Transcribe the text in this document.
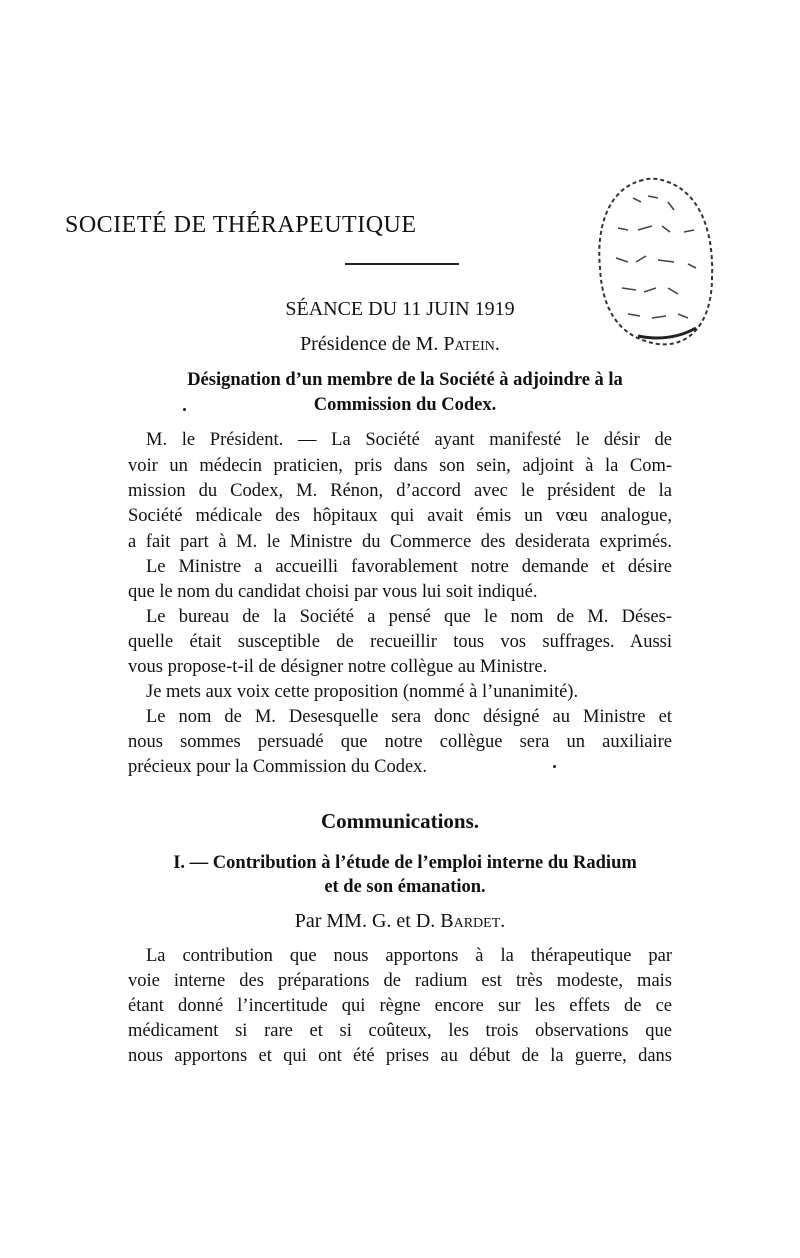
SOCIETÉ DE THÉRAPEUTIQUE
SÉANCE DU 11 JUIN 1919
Présidence de M. Patein.
Désignation d’un membre de la Société à adjoindre à la
Commission du Codex.
M. le Président. — La Société ayant manifesté le désir de
voir un médecin praticien, pris dans son sein, adjoint à la Com-
mission du Codex, M. Rénon, d’accord avec le président de la
Société médicale des hôpitaux qui avait émis un vœu analogue,
a fait part à M. le Ministre du Commerce des desiderata exprimés.
Le Ministre a accueilli favorablement notre demande et désire
que le nom du candidat choisi par vous lui soit indiqué.
Le bureau de la Société a pensé que le nom de M. Déses-
quelle était susceptible de recueillir tous vos suffrages. Aussi
vous propose-t-il de désigner notre collègue au Ministre.
Je mets aux voix cette proposition (nommé à l’unanimité).
Le nom de M. Desesquelle sera donc désigné au Ministre et
nous sommes persuadé que notre collègue sera un auxiliaire
précieux pour la Commission du Codex.
Communications.
I. — Contribution à l’étude de l’emploi interne du Radium
et de son émanation.
Par MM. G. et D. Bardet.
La contribution que nous apportons à la thérapeutique par
voie interne des préparations de radium est très modeste, mais
étant donné l’incertitude qui règne encore sur les effets de ce
médicament si rare et si coûteux, les trois observations que
nous apportons et qui ont été prises au début de la guerre, dans
